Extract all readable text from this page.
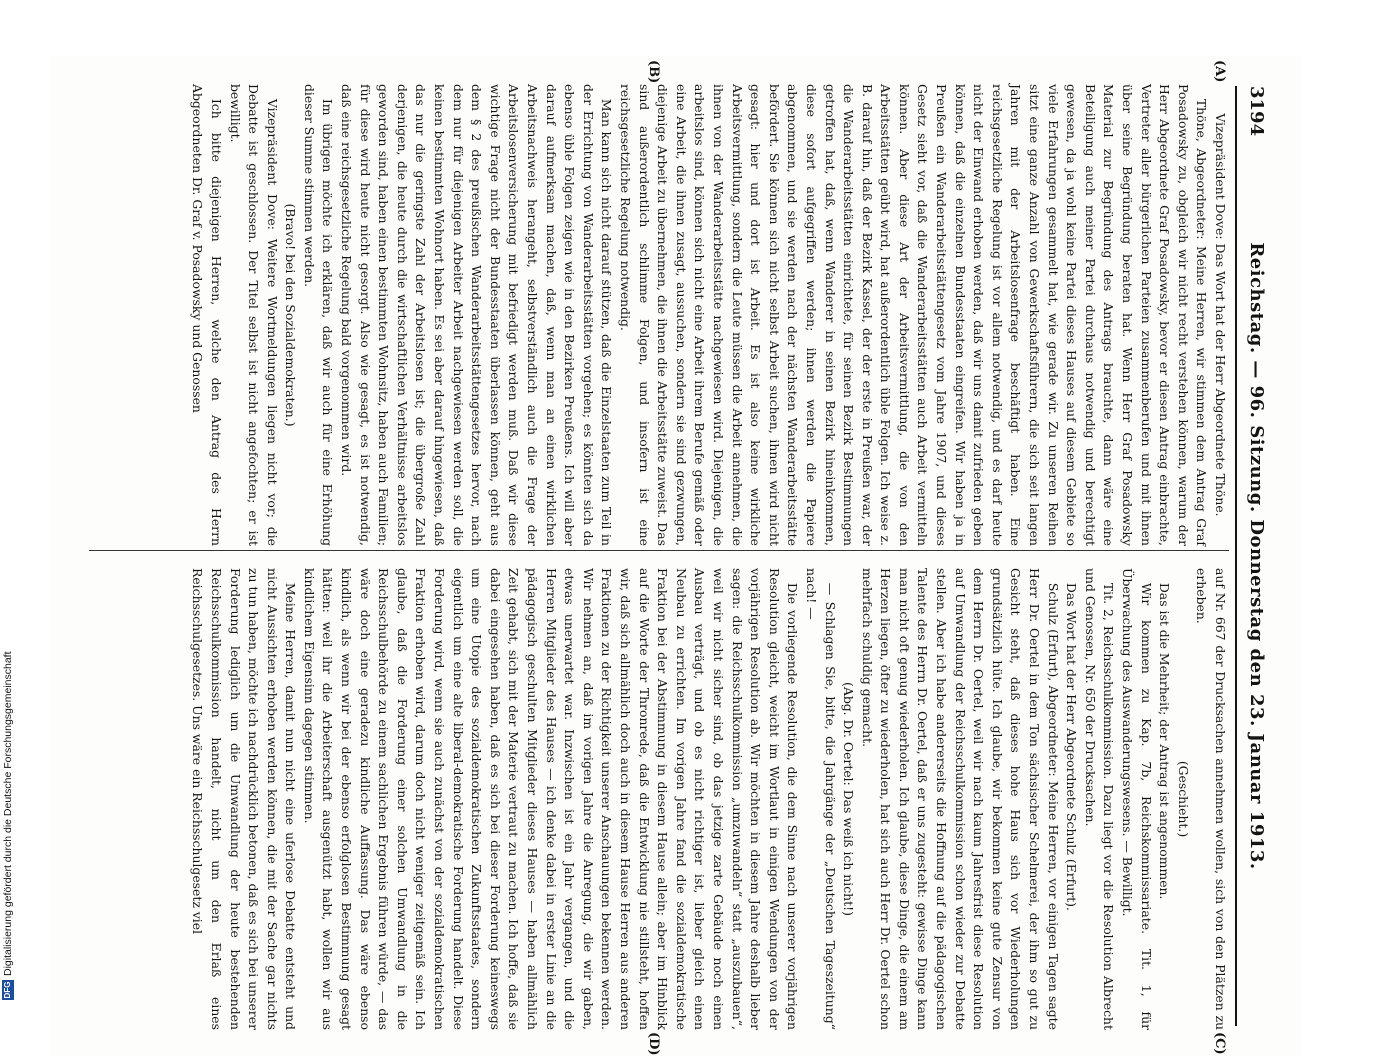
3194
Reichstag. — 96. Sitzung. Donnerstag den 23. Januar 1913.
(A)
(B)
(C)
(D)

Vizepräsident Dove: Das Wort hat der Herr Abgeordnete Thöne.

Thöne, Abgeordneter: Meine Herren, wir stimmen dem Antrag Graf Posadowsky zu, obgleich wir nicht recht verstehen können, warum der Herr Abgeordnete Graf Posadowsky, bevor er diesen Antrag einbrachte, Vertreter aller bürgerlichen Parteien zusammenberufen und mit ihnen über seine Begründung beraten hat. Wenn Herr Graf Posadowsky Material zur Begründung des Antrags brauchte, dann wäre eine Beteiligung auch meiner Partei durchaus notwendig und berechtigt gewesen, da ja wohl keine Partei dieses Hauses auf diesem Gebiete so viele Erfahrungen gesammelt hat, wie gerade wir. Zu unseren Reihen sitzt eine ganze Anzahl von Gewerkschaftsführern, die sich seit langen Jahren mit der Arbeitslosenfrage beschäftigt haben. Eine reichsgesetzliche Regelung ist vor allem notwendig, und es darf heute nicht der Einwand erhoben werden, daß wir uns damit zufrieden geben können, daß die einzelnen Bundesstaaten eingreifen. Wir haben ja in Preußen ein Wanderarbeitsstättengesetz vom Jahre 1907, und dieses Gesetz sieht vor, daß die Wanderarbeitsstätten auch Arbeit vermitteln können. Aber diese Art der Arbeitsvermittlung, die von den Arbeitsstätten geübt wird, hat außerordentlich üble Folgen. Ich weise z. B. darauf hin, daß der Bezirk Kassel, der der erste in Preußen war, der die Wanderarbeitsstätten einrichtete, für seinen Bezirk Bestimmungen getroffen hat, daß, wenn Wanderer in seinen Bezirk hineinkommen, diese sofort aufgegriffen werden; ihnen werden die Papiere abgenommen, und sie werden nach der nächsten Wanderarbeitsstätte befördert. Sie können sich nicht selbst Arbeit suchen, ihnen wird nicht gesagt: hier und dort ist Arbeit. Es ist also keine wirkliche Arbeitsvermittlung, sondern die Leute müssen die Arbeit annehmen, die ihnen von der Wanderarbeitsstätte nachgewiesen wird. Diejenigen, die arbeitslos sind, können sich nicht eine Arbeit ihrem Berufe gemäß oder eine Arbeit, die ihnen zusagt, aussuchen, sondern sie sind gezwungen, diejenige Arbeit zu übernehmen, die ihnen die Arbeitsstätte zuweist. Das sind außerordentlich schlimme Folgen, und insofern ist eine reichsgesetzliche Regelung notwendig.

Man kann sich nicht darauf stützen, daß die Einzelstaaten zum Teil in der Errichtung von Wanderarbeitsstätten vorgehen; es könnten sich da ebenso üble Folgen zeigen wie in den Bezirken Preußens. Ich will aber darauf aufmerksam machen, daß, wenn man an einen wirklichen Arbeitsnachweis herangeht, selbstverständlich auch die Frage der Arbeitslosenversicherung mit befriedigt werden muß. Daß wir diese wichtige Frage nicht der Bundesstaaten überlassen können, geht aus dem § 2 des preußischen Wanderarbeitsstättengesetzes hervor, nach dem nur für diejenigen Arbeiter Arbeit nachgewiesen werden soll, die keinen bestimmten Wohnort haben. Es sei aber darauf hingewiesen, daß das nur die geringste Zahl der Arbeitslosen ist; die übergroße Zahl derjenigen, die heute durch die wirtschaftlichen Verhältnisse arbeitslos geworden sind, haben einen bestimmten Wohnsitz, haben auch Familien; für diese wird heute nicht gesorgt. Also wie gesagt, es ist notwendig, daß eine reichsgesetzliche Regelung bald vorgenommen wird.

Im übrigen möchte ich erklären, daß wir auch für eine Erhöhung dieser Summe stimmen werden.

(Bravo! bei den Sozialdemokraten.)

Vizepräsident Dove: Weitere Wortmeldungen liegen nicht vor; die Debatte ist geschlossen. Der Titel selbst ist nicht angefochten; er ist bewilligt.

Ich bitte diejenigen Herren, welche den Antrag des Herrn Abgeordneten Dr. Graf v. Posadowsky und Genossen

auf Nr. 667 der Drucksachen annehmen wollen, sich von den Plätzen zu erheben.

(Geschieht.)

Das ist die Mehrheit; der Antrag ist angenommen.

Wir kommen zu Kap. 7b, Reichskommissariate. Tit. 1, für Überwachung des Auswanderungswesens. — Bewilligt.

Tit. 2, Reichsschulkommission. Dazu liegt vor die Resolution Albrecht und Genossen, Nr. 650 der Drucksachen.

Das Wort hat der Herr Abgeordnete Schulz (Erfurt).

Schulz (Erfurt), Abgeordneter: Meine Herren, vor einigen Tagen sagte Herr Dr. Oertel in dem Ton sächsischer Schelmerei, der ihm so gut zu Gesicht steht, daß dieses hohe Haus sich vor Wiederholungen grundsätzlich hüte. Ich glaube, wir bekommen keine gute Zensur von dem Herrn Dr. Oertel, weil wir nach kaum Jahresfrist diese Resolution auf Umwandlung der Reichsschulkommission schon wieder zur Debatte stellen. Aber ich habe andererseits die Hoffnung auf die pädagogischen Talente des Herrn Dr. Oertel, daß er uns zugesteht: gewisse Dinge kann man nicht oft genug wiederholen. Ich glaube, diese Dinge, die einem am Herzen liegen, öfter zu wiederholen, hat sich auch Herr Dr. Oertel schon mehrfach schuldig gemacht.

(Abg. Dr. Oertel: Das weiß ich nicht!)

— Schlagen Sie, bitte, die Jahrgänge der „Deutschen Tageszeitung“ nach! —

Die vorliegende Resolution, die dem Sinne nach unserer vorjährigen Resolution gleicht, weicht im Wortlaut in einigen Wendungen von der vorjährigen Resolution ab. Wir möchten in diesem Jahre deshalb lieber sagen: die Reichsschulkommission „umzuwandeln“ statt „auszubauen“, weil wir nicht sicher sind, ob das jetzige zarte Gebäude noch einen Ausbau verträgt, und ob es nicht richtiger ist, lieber gleich einen Neubau zu errichten. Im vorigen Jahre fand die sozialdemokratische Fraktion bei der Abstimmung in diesem Hause allein; aber im Hinblick auf die Worte der Thronrede, daß die Entwicklung nie stillsteht, hoffen wir, daß sich allmählich doch auch in diesem Hause Herren aus anderen Fraktionen zu der Richtigkeit unserer Anschauungen bekennen werden. Wir nehmen an, daß im vorigen Jahre die Anregung, die wir gaben, etwas unerwartet war. Inzwischen ist ein Jahr vergangen, und die Herren Mitglieder des Hauses — ich denke dabei in erster Linie an die pädagogisch geschulten Mitglieder dieses Hauses — haben allmählich Zeit gehabt, sich mit der Materie vertraut zu machen. Ich hoffe, daß sie dabei eingesehen haben, daß es sich bei dieser Forderung keineswegs um eine Utopie des sozialdemokratischen Zukunftsstaates, sondern eigentlich um eine alte liberal-demokratische Forderung handelt. Diese Forderung wird, wenn sie auch zunächst von der sozialdemokratischen Fraktion erhoben wird, darum doch nicht weniger zeitgemäß sein. Ich glaube, daß die Forderung einer solchen Umwandlung in die Reichsschulbehörde zu einem sachlichen Ergebnis führen würde, — das wäre doch eine geradezu kindliche Auffassung. Das wäre ebenso kindlich, als wenn wir bei der ebenso erfolglosen Bestimmung gesagt hätten: weil ihr die Arbeiterschaft ausgenützt habt, wollen wir aus kindlichem Eigensinn dagegen stimmen.

Meine Herren, damit nun nicht eine uferlose Debatte entsteht und nicht Aussichten erhoben werden können, die mit der Sache gar nichts zu tun haben, möchte ich nachdrücklich betonen, daß es sich bei unserer Forderung lediglich um die Umwandlung der heute bestehenden Reichsschulkommission handelt, nicht um den Erlaß eines Reichsschulgesetzes. Uns wäre ein Reichsschulgesetz viel

DFGDigitalisierung gefördert durch die Deutsche Forschungsgemeinschaft
